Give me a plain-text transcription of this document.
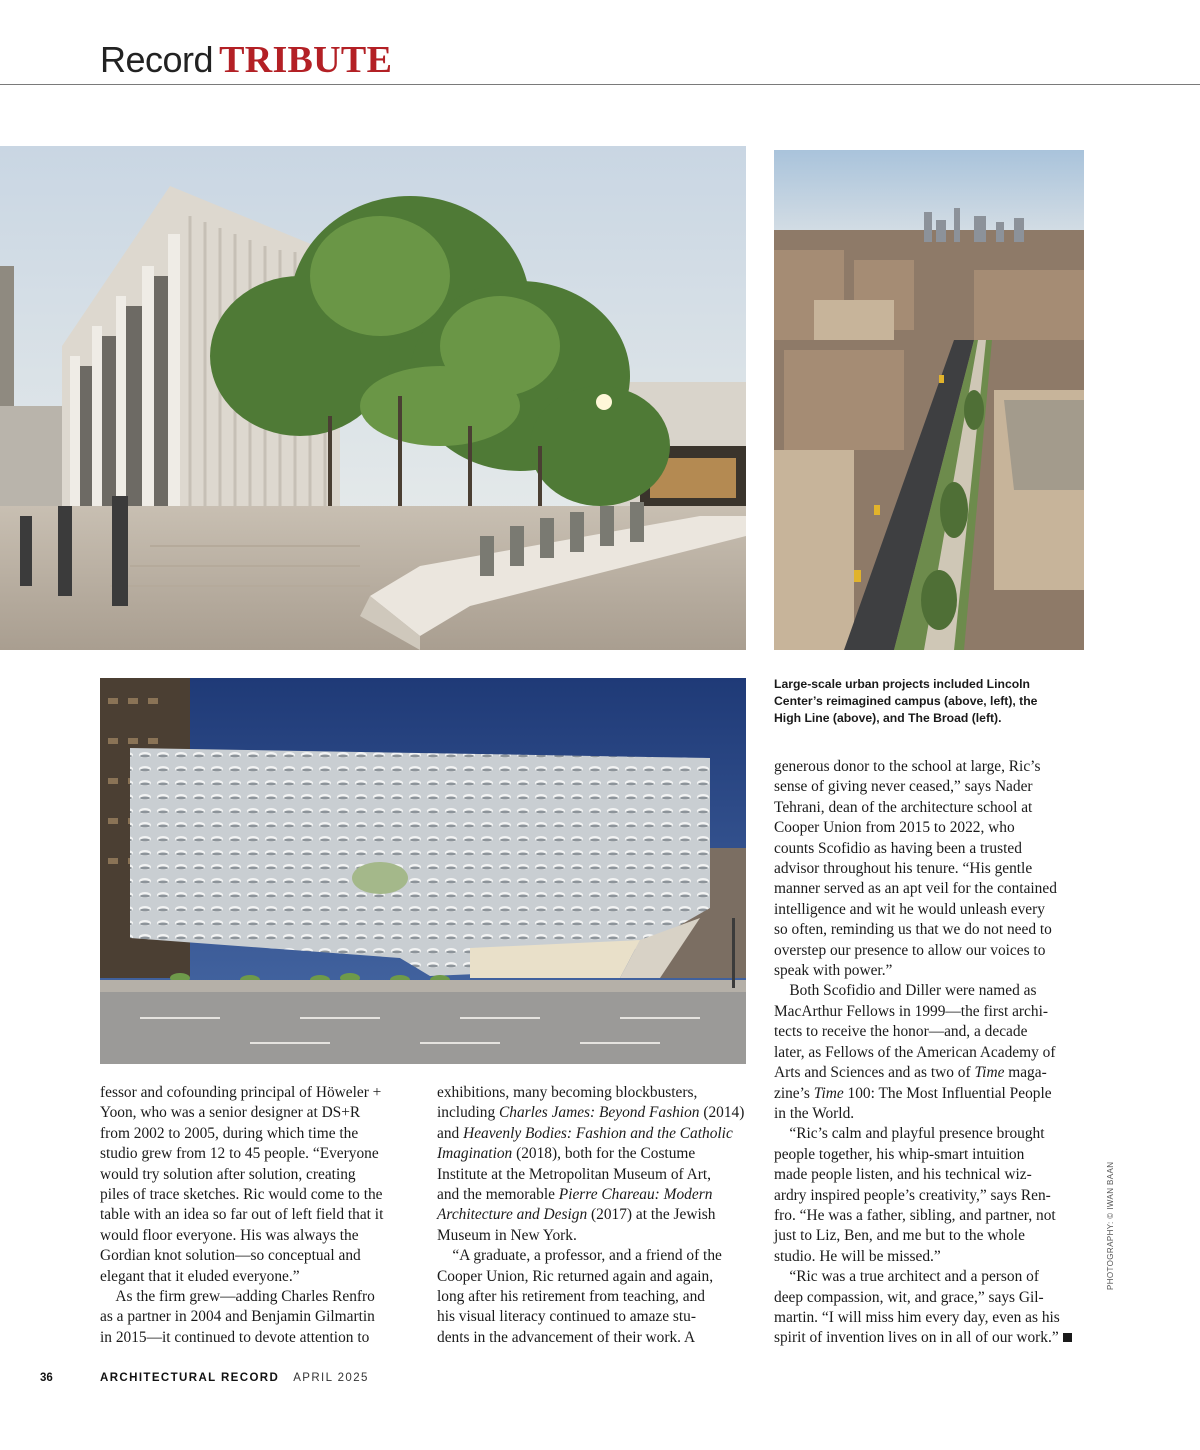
Record TRIBUTE
Large-scale urban projects included Lincoln
Center’s reimagined campus (above, left), the
High Line (above), and The Broad (left).
fessor and cofounding principal of Höweler +
Yoon, who was a senior designer at DS+R
from 2002 to 2005, during which time the
studio grew from 12 to 45 people. “Everyone
would try solution after solution, creating
piles of trace sketches. Ric would come to the
table with an idea so far out of left field that it
would floor everyone. His was always the
Gordian knot solution—so conceptual and
elegant that it eluded everyone.”
 As the firm grew—adding Charles Renfro
as a partner in 2004 and Benjamin Gilmartin
in 2015—it continued to devote attention to
exhibitions, many becoming blockbusters,
including Charles James: Beyond Fashion (2014)
and Heavenly Bodies: Fashion and the Catholic
Imagination (2018), both for the Costume
Institute at the Metropolitan Museum of Art,
and the memorable Pierre Chareau: Modern
Architecture and Design (2017) at the Jewish
Museum in New York.
 “A graduate, a professor, and a friend of the
Cooper Union, Ric returned again and again,
long after his retirement from teaching, and
his visual literacy continued to amaze stu-
dents in the advancement of their work. A
generous donor to the school at large, Ric’s
sense of giving never ceased,” says Nader
Tehrani, dean of the architecture school at
Cooper Union from 2015 to 2022, who
counts Scofidio as having been a trusted
advisor throughout his tenure. “His gentle
manner served as an apt veil for the contained
intelligence and wit he would unleash every
so often, reminding us that we do not need to
overstep our presence to allow our voices to
speak with power.”
 Both Scofidio and Diller were named as
MacArthur Fellows in 1999—the first archi-
tects to receive the honor—and, a decade
later, as Fellows of the American Academy of
Arts and Sciences and as two of Time maga-
zine’s Time 100: The Most Influential People
in the World.
 “Ric’s calm and playful presence brought
people together, his whip-smart intuition
made people listen, and his technical wiz-
ardry inspired people’s creativity,” says Ren-
fro. “He was a father, sibling, and partner, not
just to Liz, Ben, and me but to the whole
studio. He will be missed.”
 “Ric was a true architect and a person of
deep compassion, wit, and grace,” says Gil-
martin. “I will miss him every day, even as his
spirit of invention lives on in all of our work.”
PHOTOGRAPHY: © IWAN BAAN
36	ARCHITECTURAL RECORD APRIL 2025
